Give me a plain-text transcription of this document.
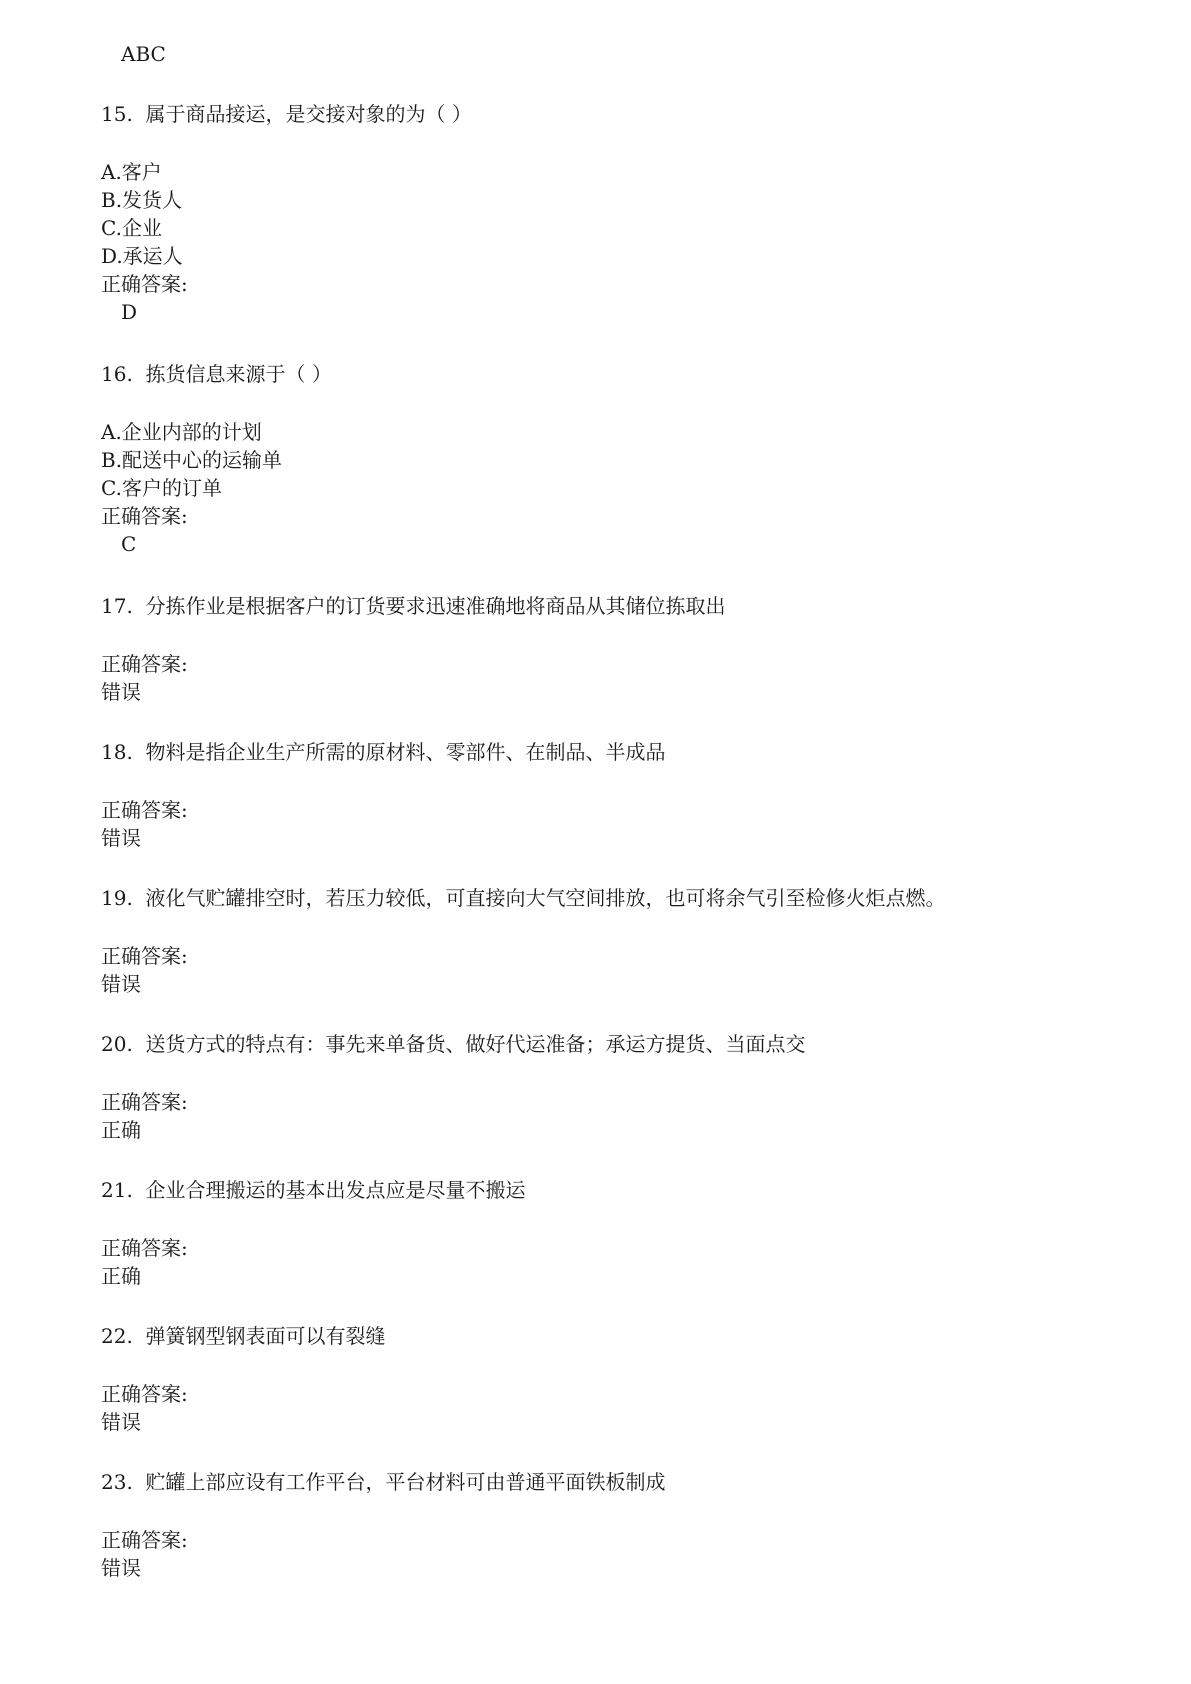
ABC
15. 属于商品接运，是交接对象的为（ ）
A.客户
B.发货人
C.企业
D.承运人
正确答案:
D
16. 拣货信息来源于（ ）
A.企业内部的计划
B.配送中心的运输单
C.客户的订单
正确答案:
C
17. 分拣作业是根据客户的订货要求迅速准确地将商品从其储位拣取出
正确答案:
错误
18. 物料是指企业生产所需的原材料、零部件、在制品、半成品
正确答案:
错误
19. 液化气贮罐排空时，若压力较低，可直接向大气空间排放，也可将余气引至检修火炬点燃。
正确答案:
错误
20. 送货方式的特点有：事先来单备货、做好代运准备；承运方提货、当面点交
正确答案:
正确
21. 企业合理搬运的基本出发点应是尽量不搬运
正确答案:
正确
22. 弹簧钢型钢表面可以有裂缝
正确答案:
错误
23. 贮罐上部应设有工作平台，平台材料可由普通平面铁板制成
正确答案:
错误
